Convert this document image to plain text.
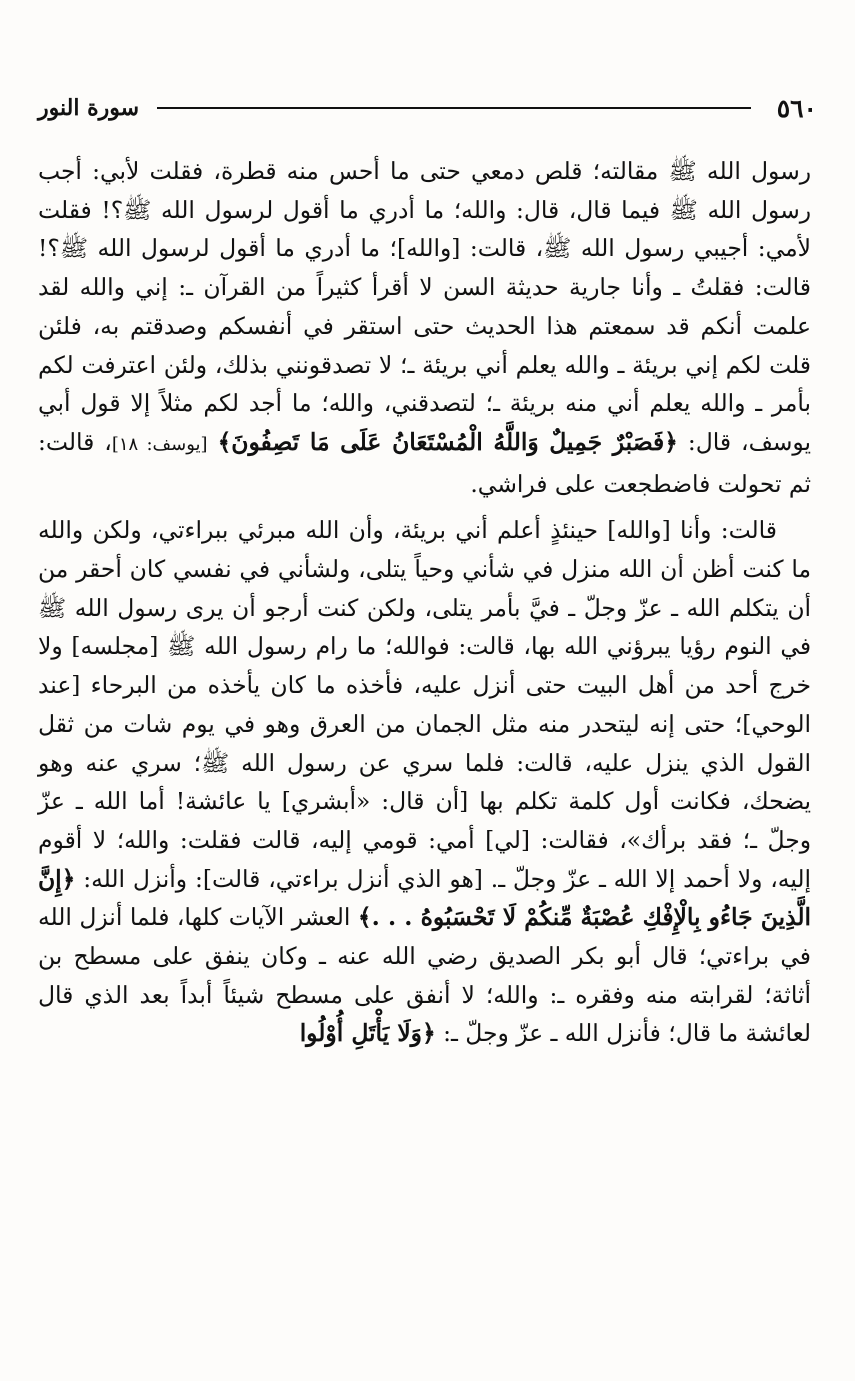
٥٦٠
سورة النور

رسول الله ﷺ مقالته؛ قلص دمعي حتى ما أحس منه قطرة، فقلت لأبي: أجب رسول الله ﷺ فيما قال، قال: والله؛ ما أدري ما أقول لرسول الله ﷺ؟! فقلت لأمي: أجيبي رسول الله ﷺ، قالت: [والله]؛ ما أدري ما أقول لرسول الله ﷺ؟! قالت: فقلتُ ـ وأنا جارية حديثة السن لا أقرأ كثيراً من القرآن ـ: إني والله لقد علمت أنكم قد سمعتم هذا الحديث حتى استقر في أنفسكم وصدقتم به، فلئن قلت لكم إني بريئة ـ والله يعلم أني بريئة ـ؛ لا تصدقونني بذلك، ولئن اعترفت لكم بأمر ـ والله يعلم أني منه بريئة ـ؛ لتصدقني، والله؛ ما أجد لكم مثلاً إلا قول أبي يوسف، قال: ﴿فَصَبْرٌ جَمِيلٌ وَاللَّهُ الْمُسْتَعَانُ عَلَى مَا تَصِفُونَ﴾ [يوسف: ١٨]، قالت: ثم تحولت فاضطجعت على فراشي.

قالت: وأنا [والله] حينئذٍ أعلم أني بريئة، وأن الله مبرئي ببراءتي، ولكن والله ما كنت أظن أن الله منزل في شأني وحياً يتلى، ولشأني في نفسي كان أحقر من أن يتكلم الله ـ عزّ وجلّ ـ فيَّ بأمر يتلى، ولكن كنت أرجو أن يرى رسول الله ﷺ في النوم رؤيا يبرؤني الله بها، قالت: فوالله؛ ما رام رسول الله ﷺ [مجلسه] ولا خرج أحد من أهل البيت حتى أنزل عليه، فأخذه ما كان يأخذه من البرحاء [عند الوحي]؛ حتى إنه ليتحدر منه مثل الجمان من العرق وهو في يوم شات من ثقل القول الذي ينزل عليه، قالت: فلما سري عن رسول الله ﷺ؛ سري عنه وهو يضحك، فكانت أول كلمة تكلم بها [أن قال: «أبشري] يا عائشة! أما الله ـ عزّ وجلّ ـ؛ فقد برأك»، فقالت: [لي] أمي: قومي إليه، قالت فقلت: والله؛ لا أقوم إليه، ولا أحمد إلا الله ـ عزّ وجلّ ـ. [هو الذي أنزل براءتي، قالت]: وأنزل الله: ﴿إِنَّ الَّذِينَ جَاءُو بِالْإِفْكِ عُصْبَةٌ مِّنكُمْ لَا تَحْسَبُوهُ . . .﴾ العشر الآيات كلها، فلما أنزل الله في براءتي؛ قال أبو بكر الصديق رضي الله عنه ـ وكان ينفق على مسطح بن أثاثة؛ لقرابته منه وفقره ـ: والله؛ لا أنفق على مسطح شيئاً أبداً بعد الذي قال لعائشة ما قال؛ فأنزل الله ـ عزّ وجلّ ـ: ﴿وَلَا يَأْتَلِ أُوْلُوا
